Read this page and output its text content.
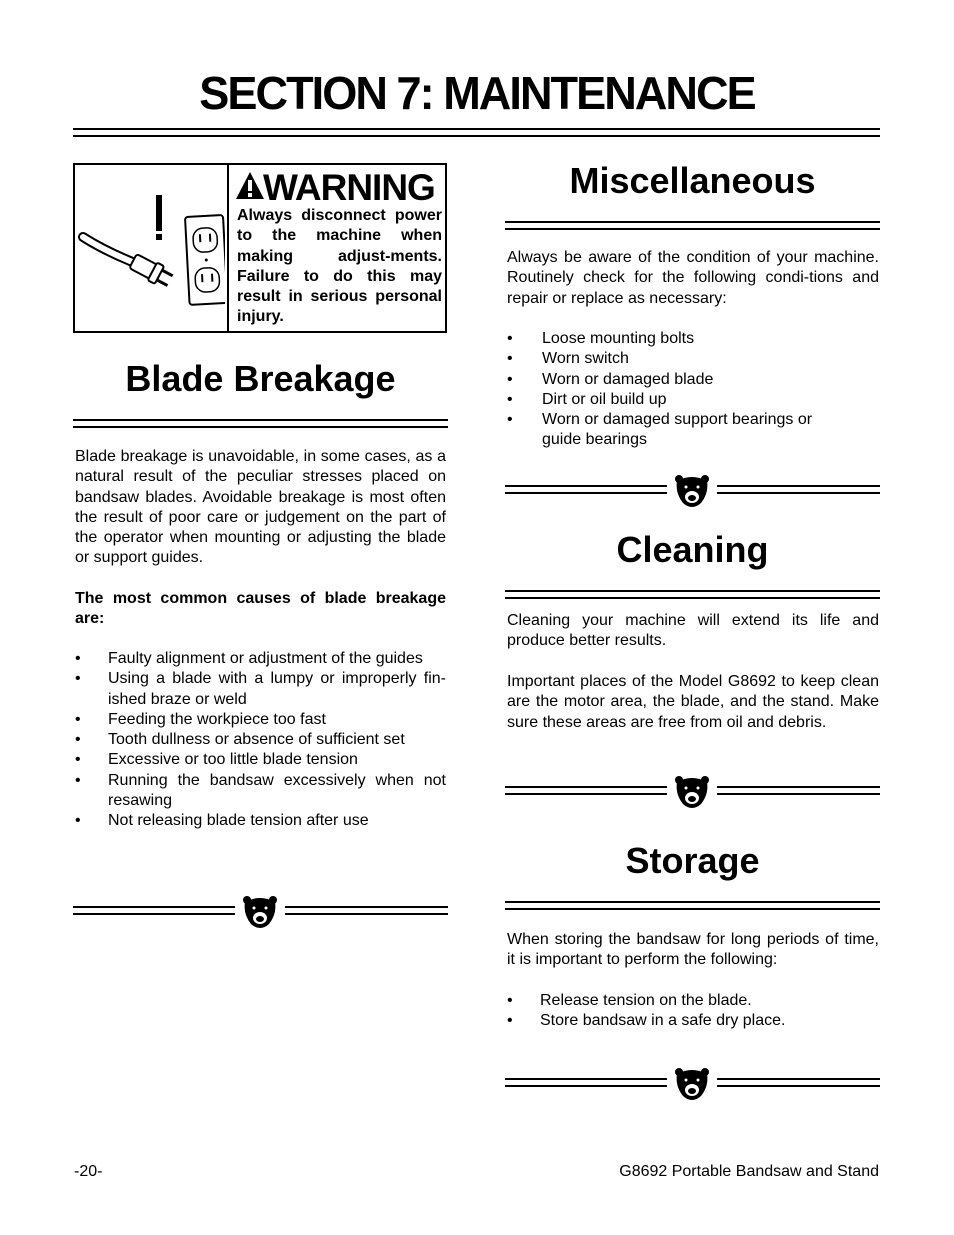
SECTION 7: MAINTENANCE
WARNING
Always disconnect power to the machine when making adjust-ments. Failure to do this may result in serious personal injury.
Blade Breakage
Blade breakage is unavoidable, in some cases, as a natural result of the peculiar stresses placed on bandsaw blades. Avoidable breakage is most often the result of poor care or judgement on the part of the operator when mounting or adjusting the blade or support guides.
The most common causes of blade breakage are:
• Faulty alignment or adjustment of the guides
• Using a blade with a lumpy or improperly fin-ished braze or weld
• Feeding the workpiece too fast
• Tooth dullness or absence of sufficient set
• Excessive or too little blade tension
• Running the bandsaw excessively when not resawing
• Not releasing blade tension after use
Miscellaneous
Always be aware of the condition of your machine. Routinely check for the following condi-tions and repair or replace as necessary:
• Loose mounting bolts
• Worn switch
• Worn or damaged blade
• Dirt or oil build up
• Worn or damaged support bearings or guide bearings
Cleaning
Cleaning your machine will extend its life and produce better results.
Important places of the Model G8692 to keep clean are the motor area, the blade, and the stand. Make sure these areas are free from oil and debris.
Storage
When storing the bandsaw for long periods of time, it is important to perform the following:
• Release tension on the blade.
• Store bandsaw in a safe dry place.
-20-	G8692 Portable Bandsaw and Stand
